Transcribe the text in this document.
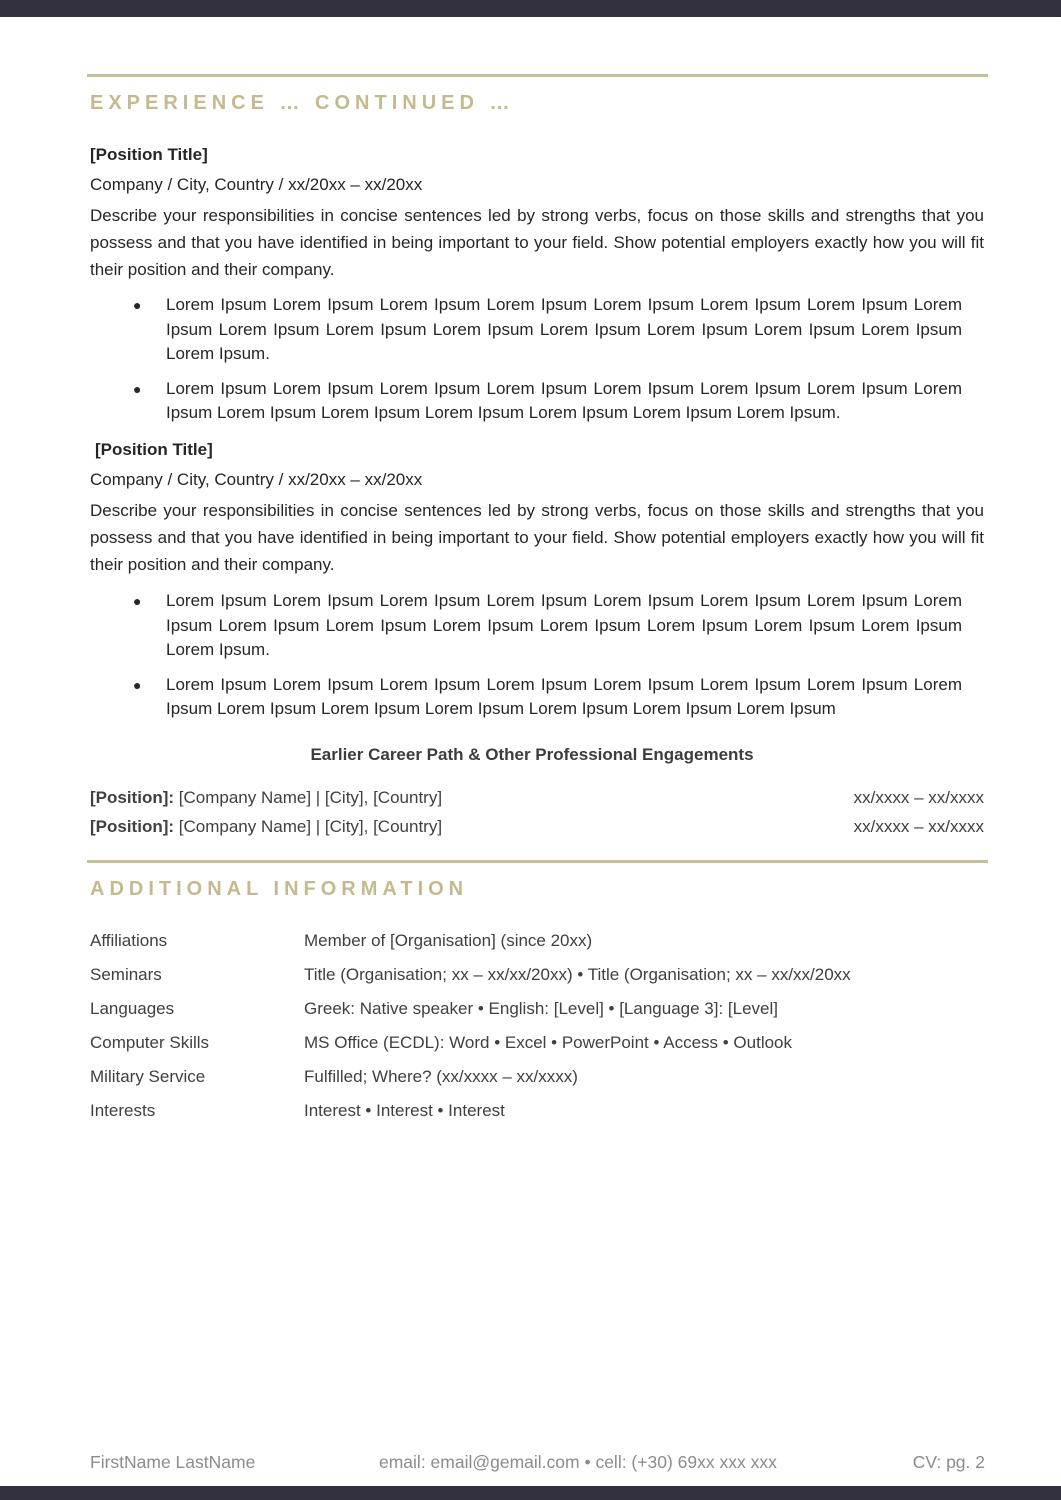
EXPERIENCE … CONTINUED …
[Position Title]
Company / City, Country / xx/20xx – xx/20xx
Describe your responsibilities in concise sentences led by strong verbs, focus on those skills and strengths that you possess and that you have identified in being important to your field. Show potential employers exactly how you will fit their position and their company.
● Lorem Ipsum Lorem Ipsum Lorem Ipsum Lorem Ipsum Lorem Ipsum Lorem Ipsum Lorem Ipsum Lorem Ipsum Lorem Ipsum Lorem Ipsum Lorem Ipsum Lorem Ipsum Lorem Ipsum Lorem Ipsum Lorem Ipsum Lorem Ipsum.
● Lorem Ipsum Lorem Ipsum Lorem Ipsum Lorem Ipsum Lorem Ipsum Lorem Ipsum Lorem Ipsum Lorem Ipsum Lorem Ipsum Lorem Ipsum Lorem Ipsum Lorem Ipsum Lorem Ipsum Lorem Ipsum.
[Position Title]
Company / City, Country / xx/20xx – xx/20xx
Describe your responsibilities in concise sentences led by strong verbs, focus on those skills and strengths that you possess and that you have identified in being important to your field. Show potential employers exactly how you will fit their position and their company.
● Lorem Ipsum Lorem Ipsum Lorem Ipsum Lorem Ipsum Lorem Ipsum Lorem Ipsum Lorem Ipsum Lorem Ipsum Lorem Ipsum Lorem Ipsum Lorem Ipsum Lorem Ipsum Lorem Ipsum Lorem Ipsum Lorem Ipsum Lorem Ipsum.
● Lorem Ipsum Lorem Ipsum Lorem Ipsum Lorem Ipsum Lorem Ipsum Lorem Ipsum Lorem Ipsum Lorem Ipsum Lorem Ipsum Lorem Ipsum Lorem Ipsum Lorem Ipsum Lorem Ipsum Lorem Ipsum
Earlier Career Path & Other Professional Engagements
[Position]: [Company Name] | [City], [Country]	xx/xxxx – xx/xxxx
[Position]: [Company Name] | [City], [Country]	xx/xxxx – xx/xxxx
ADDITIONAL INFORMATION
Affiliations	Member of [Organisation] (since 20xx)
Seminars	Title (Organisation; xx – xx/xx/20xx) • Title (Organisation; xx – xx/xx/20xx
Languages	Greek: Native speaker • English: [Level] • [Language 3]: [Level]
Computer Skills	MS Office (ECDL): Word • Excel • PowerPoint • Access • Outlook
Military Service	Fulfilled; Where? (xx/xxxx – xx/xxxx)
Interests	Interest • Interest • Interest
FirstName LastName	email: email@gemail.com • cell: (+30) 69xx xxx xxx	CV: pg. 2
